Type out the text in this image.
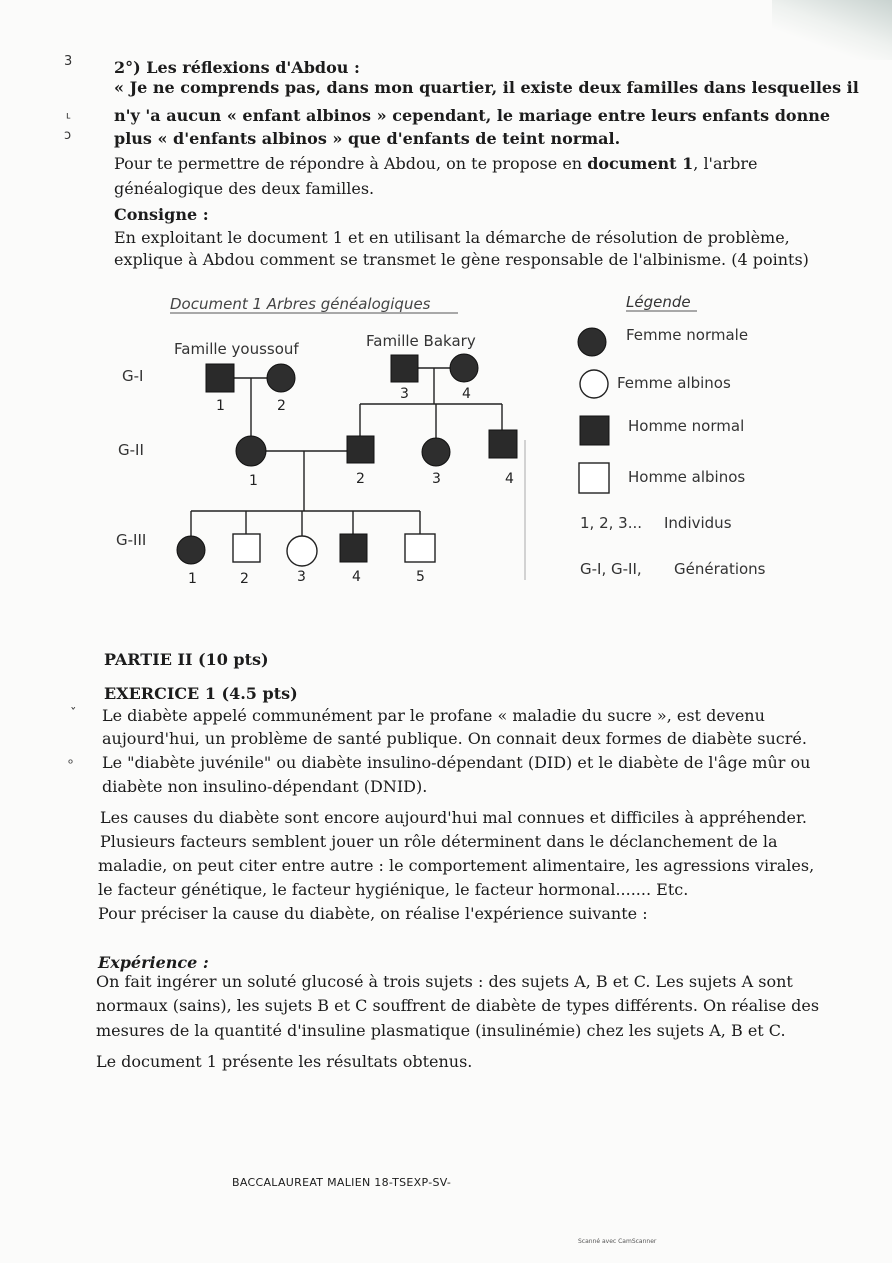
3
ᒻ
ↄ
ˇ
ᵒ
2°) Les réflexions d'Abdou :
« Je ne comprends pas, dans mon quartier, il existe deux familles dans lesquelles il
n'y 'a aucun « enfant albinos » cependant, le mariage entre leurs enfants donne
plus « d'enfants albinos » que d'enfants de teint normal.
Pour te permettre de répondre à Abdou, on te propose en document 1, l'arbre
généalogique des deux familles.
Consigne :
En exploitant le document 1 et en utilisant la démarche de résolution de problème,
explique à Abdou comment se transmet le gène responsable de l'albinisme. (4 points)
Document 1 Arbres généalogiques
Famille youssouf	Famille Bakary
G-I
G-II
G-III
1	2
3	4
1	2	3	4
1	2	3	4	5
Légende
Femme normale
Femme albinos
Homme normal
Homme albinos
1, 2, 3... Individus
G-I, G-II, Générations
PARTIE II (10 pts)
EXERCICE 1 (4.5 pts)
Le diabète appelé communément par le profane « maladie du sucre », est devenu
aujourd'hui, un problème de santé publique. On connait deux formes de diabète sucré.
Le "diabète juvénile" ou diabète insulino-dépendant (DID) et le diabète de l'âge mûr ou
diabète non insulino-dépendant (DNID).
Les causes du diabète sont encore aujourd'hui mal connues et difficiles à appréhender.
Plusieurs facteurs semblent jouer un rôle déterminent dans le déclanchement de la
maladie, on peut citer entre autre : le comportement alimentaire, les agressions virales,
le facteur génétique, le facteur hygiénique, le facteur hormonal....... Etc.
Pour préciser la cause du diabète, on réalise l'expérience suivante :
Expérience :
On fait ingérer un soluté glucosé à trois sujets : des sujets A, B et C. Les sujets A sont
normaux (sains), les sujets B et C souffrent de diabète de types différents. On réalise des
mesures de la quantité d'insuline plasmatique (insulinémie) chez les sujets A, B et C.
Le document 1 présente les résultats obtenus.
BACCALAUREAT MALIEN 18-TSEXP-SV-
Scanné avec CamScanner
